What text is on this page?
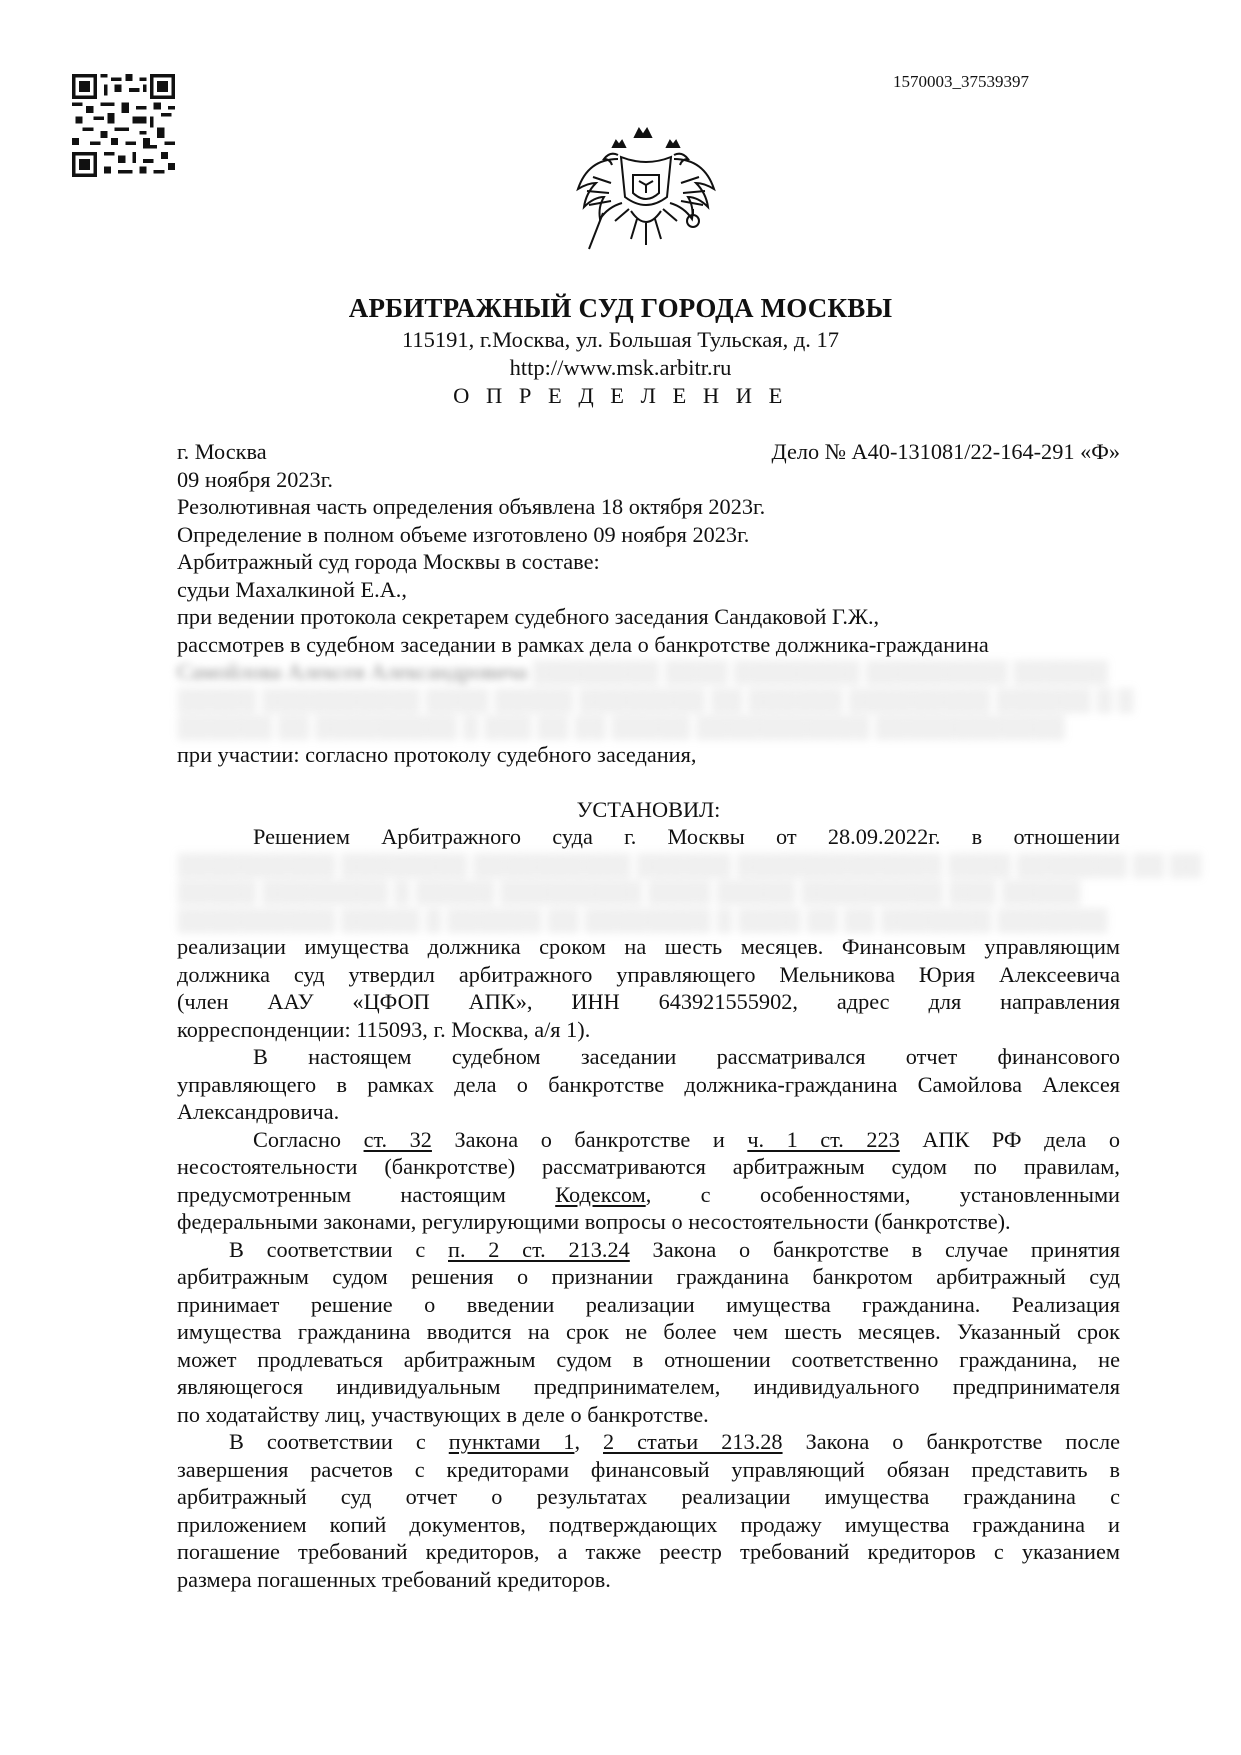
1570003_37539397
АРБИТРАЖНЫЙ СУД ГОРОДА МОСКВЫ
115191, г.Москва, ул. Большая Тульская, д. 17
http://www.msk.arbitr.ru
О П Р Е Д Е Л Е Н И Е
г. Москва	Дело № А40-131081/22-164-291 «Ф»
09 ноября 2023г.
Резолютивная часть определения объявлена 18 октября 2023г.
Определение в полном объеме изготовлено 09 ноября 2023г.
Арбитражный суд города Москвы в составе:
судьи Махалкиной Е.А.,
при ведении протокола секретарем судебного заседания Сандаковой Г.Ж.,
рассмотрев в судебном заседании в рамках дела о банкротстве должника-гражданина
Самойлова Алексея Александровича ░░░░░░░░ ░░░░ ░░░░░░░░ ░░░░░░░░░ ░░░░░░
░░░░░ ░░░░░░░░░░ ░░░░ ░░░░░ ░░░░░░░░ ░░ ░░░░░░ ░░░░░░░░░ ░░░░░░ ░ ░
░░░░░░ ░░ ░░░░░░░░░ ░ ░░░ ░░ ░░ ░░░░░ ░░░░░░░░░░░ ░░░░░░░░░░░░
при участии: согласно протоколу судебного заседания,
УСТАНОВИЛ:
Решением Арбитражного суда г. Москвы от 28.09.2022г. в отношении
░░░░░░░░░░ ░░░░░░░░ ░░░░░░░░░░ ░░░░░░ ░░░░░░░░░░░░░ ░░░░ ░░░░░░░ ░░ ░░
░░░░░ ░░░░░░░░ ░ ░░░░░ ░░░░░░░░░ ░░░░ ░░░░░ ░░░░░░░░░ ░░░ ░░░░░
░░░░░░░░░░ ░░░░░ ░ ░░░░░░ ░░ ░░░░░░░░ ░ ░░░░ ░░ ░░ ░░░░░░░ ░░░░░░░
реализации имущества должника сроком на шесть месяцев. Финансовым управляющим
должника суд утвердил арбитражного управляющего Мельникова Юрия Алексеевича
(член ААУ «ЦФОП АПК», ИНН 643921555902, адрес для направления
корреспонденции: 115093, г. Москва, а/я 1).
В настоящем судебном заседании рассматривался отчет финансового
управляющего в рамках дела о банкротстве должника-гражданина Самойлова Алексея
Александровича.
Согласно ст. 32 Закона о банкротстве и ч. 1 ст. 223 АПК РФ дела о
несостоятельности (банкротстве) рассматриваются арбитражным судом по правилам,
предусмотренным настоящим Кодексом, с особенностями, установленными
федеральными законами, регулирующими вопросы о несостоятельности (банкротстве).
В соответствии с п. 2 ст. 213.24 Закона о банкротстве в случае принятия
арбитражным судом решения о признании гражданина банкротом арбитражный суд
принимает решение о введении реализации имущества гражданина. Реализация
имущества гражданина вводится на срок не более чем шесть месяцев. Указанный срок
может продлеваться арбитражным судом в отношении соответственно гражданина, не
являющегося индивидуальным предпринимателем, индивидуального предпринимателя
по ходатайству лиц, участвующих в деле о банкротстве.
В соответствии с пунктами 1, 2 статьи 213.28 Закона о банкротстве после
завершения расчетов с кредиторами финансовый управляющий обязан представить в
арбитражный суд отчет о результатах реализации имущества гражданина с
приложением копий документов, подтверждающих продажу имущества гражданина и
погашение требований кредиторов, а также реестр требований кредиторов с указанием
размера погашенных требований кредиторов.
